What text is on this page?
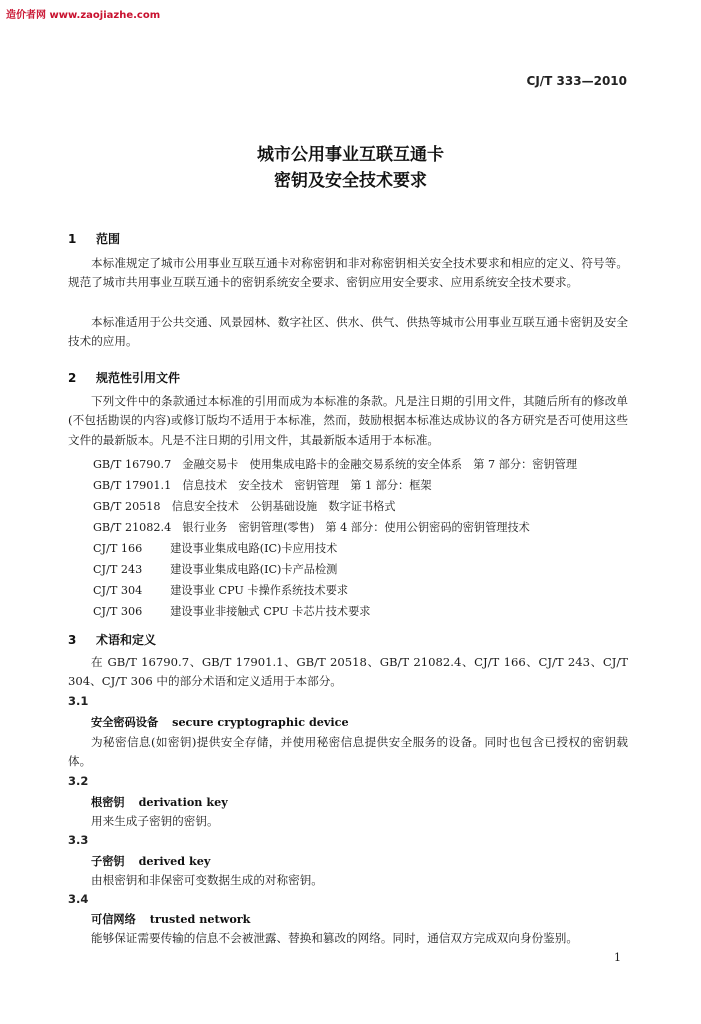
造价者网 www.zaojiazhe.com
CJ/T 333—2010
城市公用事业互联互通卡
密钥及安全技术要求
1 范围
本标准规定了城市公用事业互联互通卡对称密钥和非对称密钥相关安全技术要求和相应的定义、符号等。规范了城市共用事业互联互通卡的密钥系统安全要求、密钥应用安全要求、应用系统安全技术要求。
本标准适用于公共交通、风景园林、数字社区、供水、供气、供热等城市公用事业互联互通卡密钥及安全技术的应用。
2 规范性引用文件
下列文件中的条款通过本标准的引用而成为本标准的条款。凡是注日期的引用文件，其随后所有的修改单(不包括勘误的内容)或修订版均不适用于本标准，然而，鼓励根据本标准达成协议的各方研究是否可使用这些文件的最新版本。凡是不注日期的引用文件，其最新版本适用于本标准。
GB/T 16790.7　 金融交易卡　使用集成电路卡的金融交易系统的安全体系　第 7 部分：密钥管理
GB/T 17901.1　 信息技术　安全技术　密钥管理　第 1 部分：框架
GB/T 20518　 信息安全技术　公钥基础设施　数字证书格式
GB/T 21082.4　 银行业务　密钥管理(零售)　第 4 部分：使用公钥密码的密钥管理技术
CJ/T 166　	建设事业集成电路(IC)卡应用技术
CJ/T 243　	建设事业集成电路(IC)卡产品检测
CJ/T 304　	建设事业 CPU 卡操作系统技术要求
CJ/T 306　	建设事业非接触式 CPU 卡芯片技术要求
3 术语和定义
在 GB/T 16790.7、GB/T 17901.1、GB/T 20518、GB/T 21082.4、CJ/T 166、CJ/T 243、CJ/T 304、CJ/T 306 中的部分术语和定义适用于本部分。
3.1
安全密码设备 secure cryptographic device
为秘密信息(如密钥)提供安全存储，并使用秘密信息提供安全服务的设备。同时也包含已授权的密钥载体。
3.2
根密钥 derivation key
用来生成子密钥的密钥。
3.3
子密钥 derived key
由根密钥和非保密可变数据生成的对称密钥。
3.4
可信网络 trusted network
能够保证需要传输的信息不会被泄露、替换和篡改的网络。同时，通信双方完成双向身份鉴别。
1
